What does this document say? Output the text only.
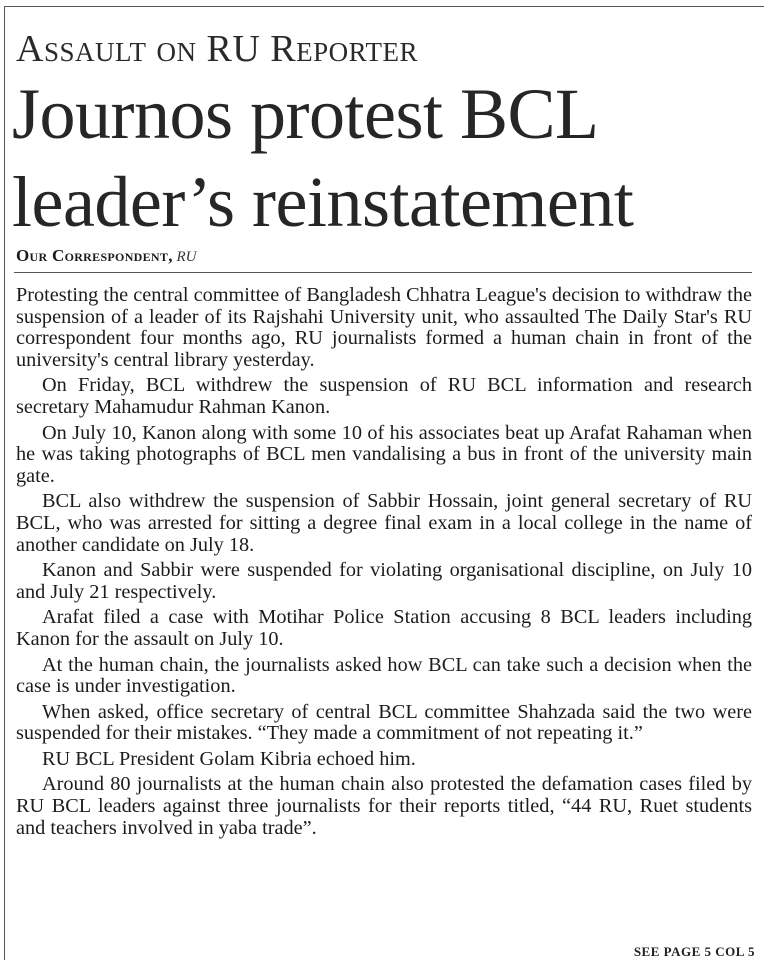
Assault on RU Reporter
Journos protest BCL leader’s reinstatement
Our Correspondent, RU

Protesting the central committee of Bangladesh Chhatra League's decision to withdraw the suspension of a leader of its Rajshahi University unit, who assaulted The Daily Star's RU correspondent four months ago, RU journalists formed a human chain in front of the university's central library yesterday.

On Friday, BCL withdrew the suspension of RU BCL information and research secretary Mahamudur Rahman Kanon.

On July 10, Kanon along with some 10 of his associates beat up Arafat Rahaman when he was taking photographs of BCL men vandalising a bus in front of the university main gate.

BCL also withdrew the suspension of Sabbir Hossain, joint general secretary of RU BCL, who was arrested for sitting a degree final exam in a local college in the name of another candidate on July 18.

Kanon and Sabbir were suspended for violating organisational discipline, on July 10 and July 21 respectively.

Arafat filed a case with Motihar Police Station accusing 8 BCL leaders including Kanon for the assault on July 10.

At the human chain, the journalists asked how BCL can take such a decision when the case is under investigation.

When asked, office secretary of central BCL committee Shahzada said the two were suspended for their mistakes. “They made a commitment of not repeating it.”

RU BCL President Golam Kibria echoed him.

Around 80 journalists at the human chain also protested the defamation cases filed by RU BCL leaders against three journalists for their reports titled, “44 RU, Ruet students and teachers involved in yaba trade”.

SEE PAGE 5 COL 5
